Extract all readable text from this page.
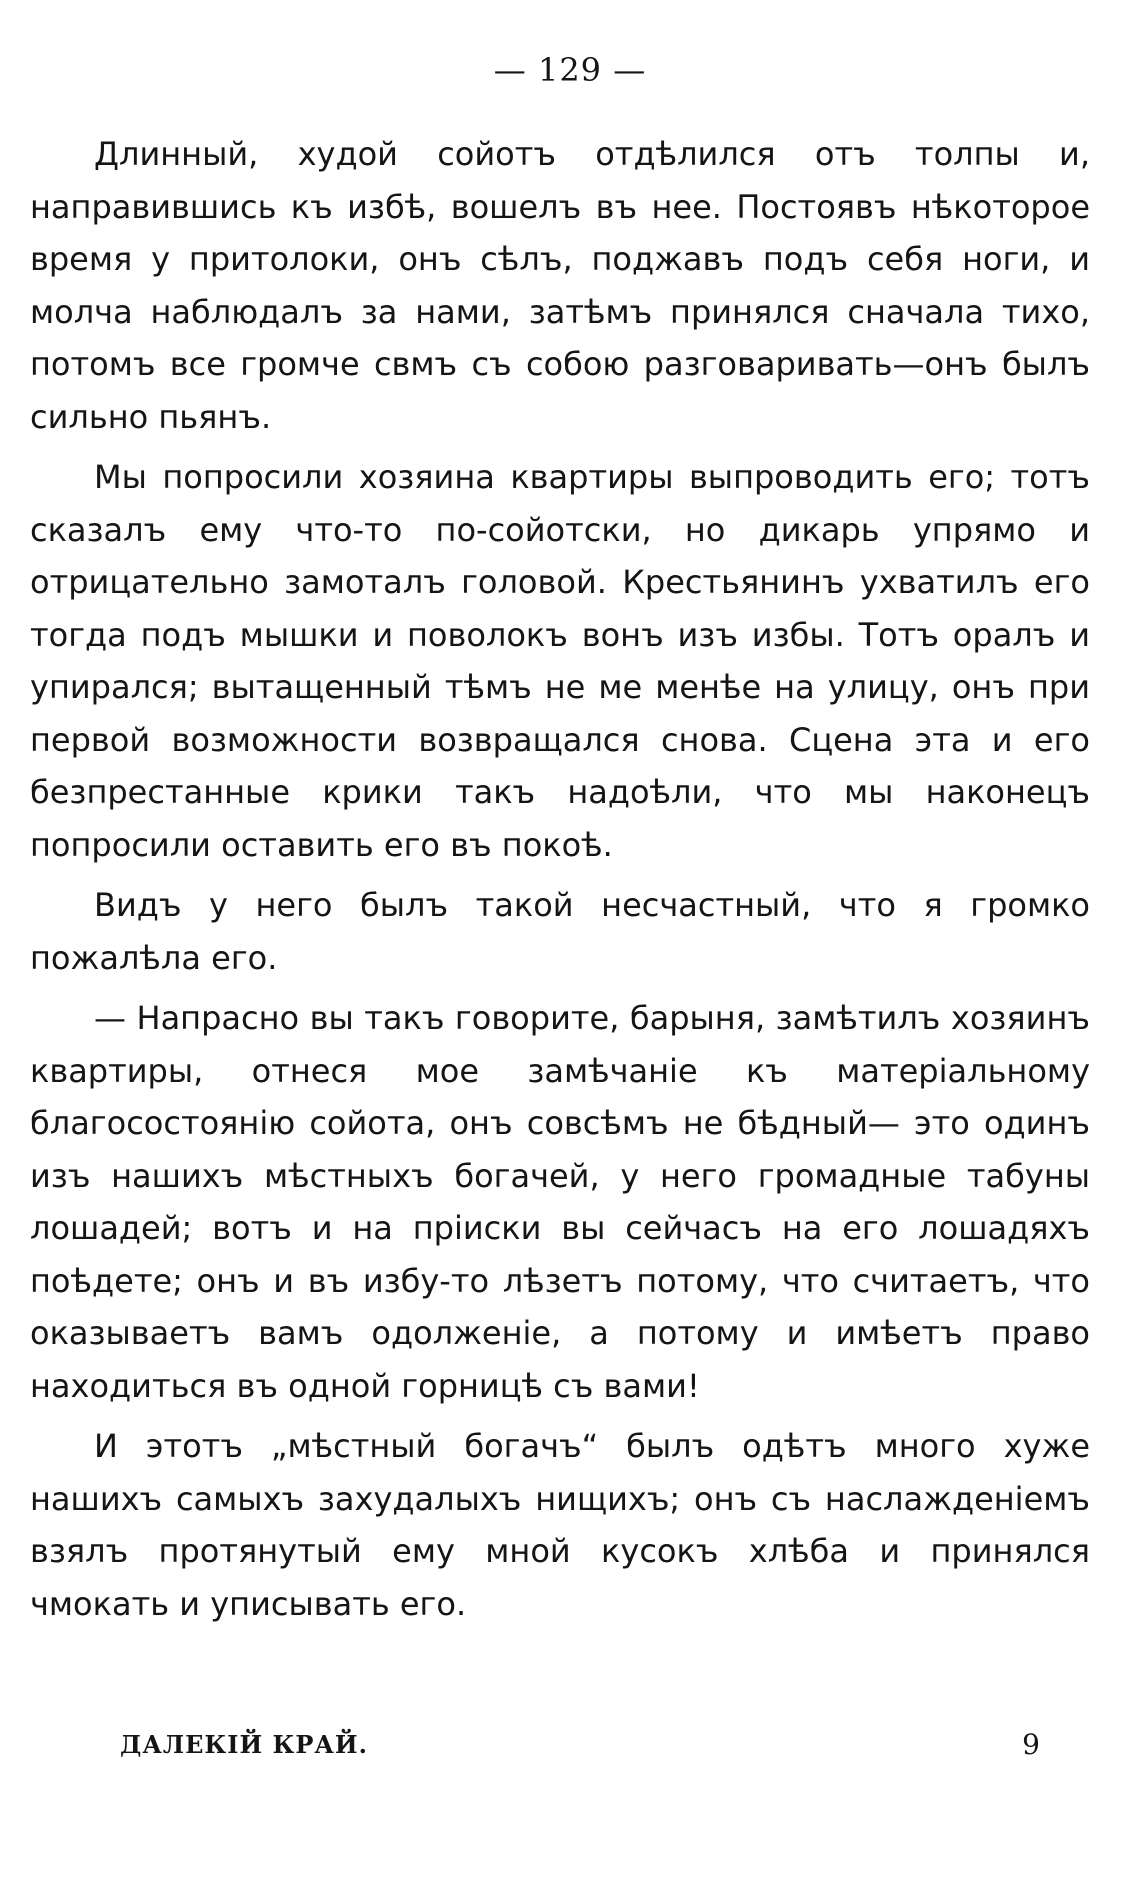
— 129 —

Длинный, худой сойотъ отдѣлился отъ толпы и, направившись къ избѣ, вошелъ въ нее. Постоявъ нѣкоторое время у притолоки, онъ сѣлъ, поджавъ подъ себя ноги, и молча наблюдалъ за нами, затѣмъ принялся сначала тихо, потомъ все громче свмъ съ собою разговаривать—онъ былъ сильно пьянъ.

Мы попросили хозяина квартиры выпроводить его; тотъ сказалъ ему что-то по-сойотски, но дикарь упрямо и отрицательно замоталъ головой. Крестьянинъ ухватилъ его тогда подъ мышки и поволокъ вонъ изъ избы. Тотъ оралъ и упирался; вытащенный тѣмъ не ме менѣе на улицу, онъ при первой возможности возвращался снова. Сцена эта и его безпрестанные крики такъ надоѣли, что мы наконецъ попросили оставить его въ покоѣ.

Видъ у него былъ такой несчастный, что я громко пожалѣла его.

— Напрасно вы такъ говорите, барыня, замѣтилъ хозяинъ квартиры, отнеся мое замѣчаніе къ матеріальному благосостоянію сойота, онъ совсѣмъ не бѣдный— это одинъ изъ нашихъ мѣстныхъ богачей, у него громадные табуны лошадей; вотъ и на пріиски вы сейчасъ на его лошадяхъ поѣдете; онъ и въ избу-то лѣзетъ потому, что считаетъ, что оказываетъ вамъ одолженіе, а потому и имѣетъ право находиться въ одной горницѣ съ вами!

И этотъ „мѣстный богачъ“ былъ одѣтъ много хуже нашихъ самыхъ захудалыхъ нищихъ; онъ съ наслажденіемъ взялъ протянутый ему мной кусокъ хлѣба и принялся чмокать и уписывать его.

ДАЛЕКІЙ КРАЙ.	9
